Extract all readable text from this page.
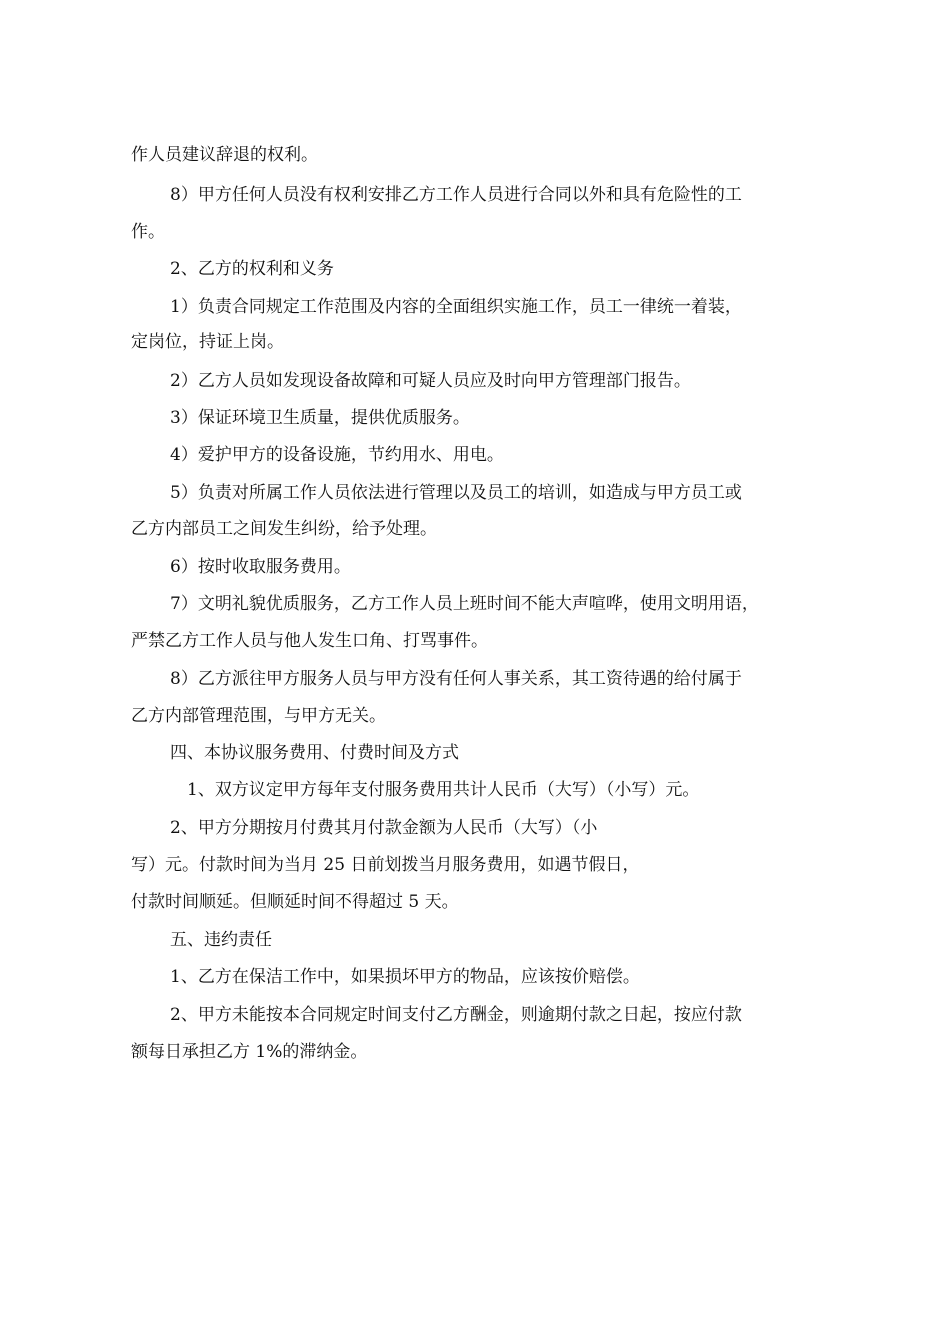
作人员建议辞退的权利。

8）甲方任何人员没有权利安排乙方工作人员进行合同以外和具有危险性的工

作。

2、乙方的权利和义务

1）负责合同规定工作范围及内容的全面组织实施工作，员工一律统一着装，

定岗位，持证上岗。

2）乙方人员如发现设备故障和可疑人员应及时向甲方管理部门报告。

3）保证环境卫生质量，提供优质服务。

4）爱护甲方的设备设施，节约用水、用电。

5）负责对所属工作人员依法进行管理以及员工的培训，如造成与甲方员工或

乙方内部员工之间发生纠纷，给予处理。

6）按时收取服务费用。

7）文明礼貌优质服务，乙方工作人员上班时间不能大声喧哗，使用文明用语，

严禁乙方工作人员与他人发生口角、打骂事件。

8）乙方派往甲方服务人员与甲方没有任何人事关系，其工资待遇的给付属于

乙方内部管理范围，与甲方无关。

四、本协议服务费用、付费时间及方式

1、双方议定甲方每年支付服务费用共计人民币（大写）（小写）元。

2、甲方分期按月付费其月付款金额为人民币（大写）（小

写）元。付款时间为当月 25 日前划拨当月服务费用，如遇节假日，

付款时间顺延。但顺延时间不得超过 5 天。

五、违约责任

1、乙方在保洁工作中，如果损坏甲方的物品，应该按价赔偿。

2、甲方未能按本合同规定时间支付乙方酬金，则逾期付款之日起，按应付款

额每日承担乙方 1%的滞纳金。
